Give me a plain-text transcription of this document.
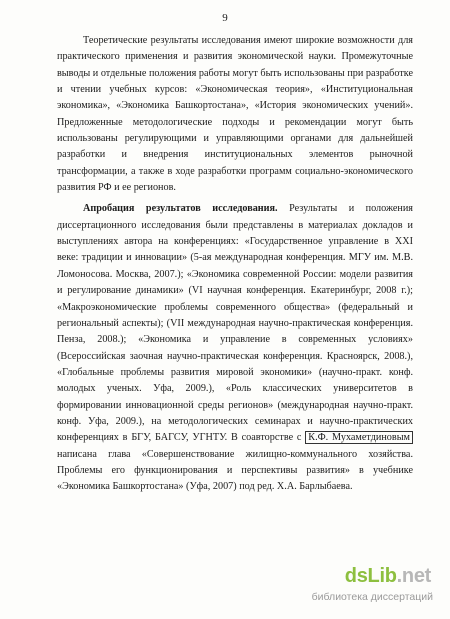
9

Теоретические результаты исследования имеют широкие возможности для практического применения и развития экономической науки. Промежуточные выводы и отдельные положения работы могут быть использованы при разработке и чтении учебных курсов: «Экономическая теория», «Институциональная экономика», «Экономика Башкортостана», «История экономических учений». Предложенные методологические подходы и рекомендации могут быть использованы регулирующими и управляющими органами для дальнейшей разработки и внедрения институциональных элементов рыночной трансформации, а также в ходе разработки программ социально-экономического развития РФ и ее регионов.

Апробация результатов исследования. Результаты и положения диссертационного исследования были представлены в материалах докладов и выступлениях автора на конференциях: «Государственное управление в XXI веке: традиции и инновации» (5-ая международная конференция. МГУ им. М.В. Ломоносова. Москва, 2007.); «Экономика современной России: модели развития и регулирование динамики» (VI научная конференция. Екатеринбург, 2008 г.); «Макроэкономические проблемы современного общества» (федеральный и региональный аспекты); (VII международная научно-практическая конференция. Пенза, 2008.); «Экономика и управление в современных условиях» (Всероссийская заочная научно-практическая конференция. Красноярск, 2008.), «Глобальные проблемы развития мировой экономики» (научно-практ. конф. молодых ученых. Уфа, 2009.), «Роль классических университетов в формировании инновационной среды регионов» (международная научно-практ. конф. Уфа, 2009.), на методологических семинарах и научно-практических конференциях в БГУ, БАГСУ, УГНТУ. В соавторстве с К.Ф. Мухаметдиновым написана глава «Совершенствование жилищно-коммунального хозяйства. Проблемы его функционирования и перспективы развития» в учебнике «Экономика Башкортостана» (Уфа, 2007) под ред. Х.А. Барлыбаева.

dsLib.net
библиотека диссертаций
